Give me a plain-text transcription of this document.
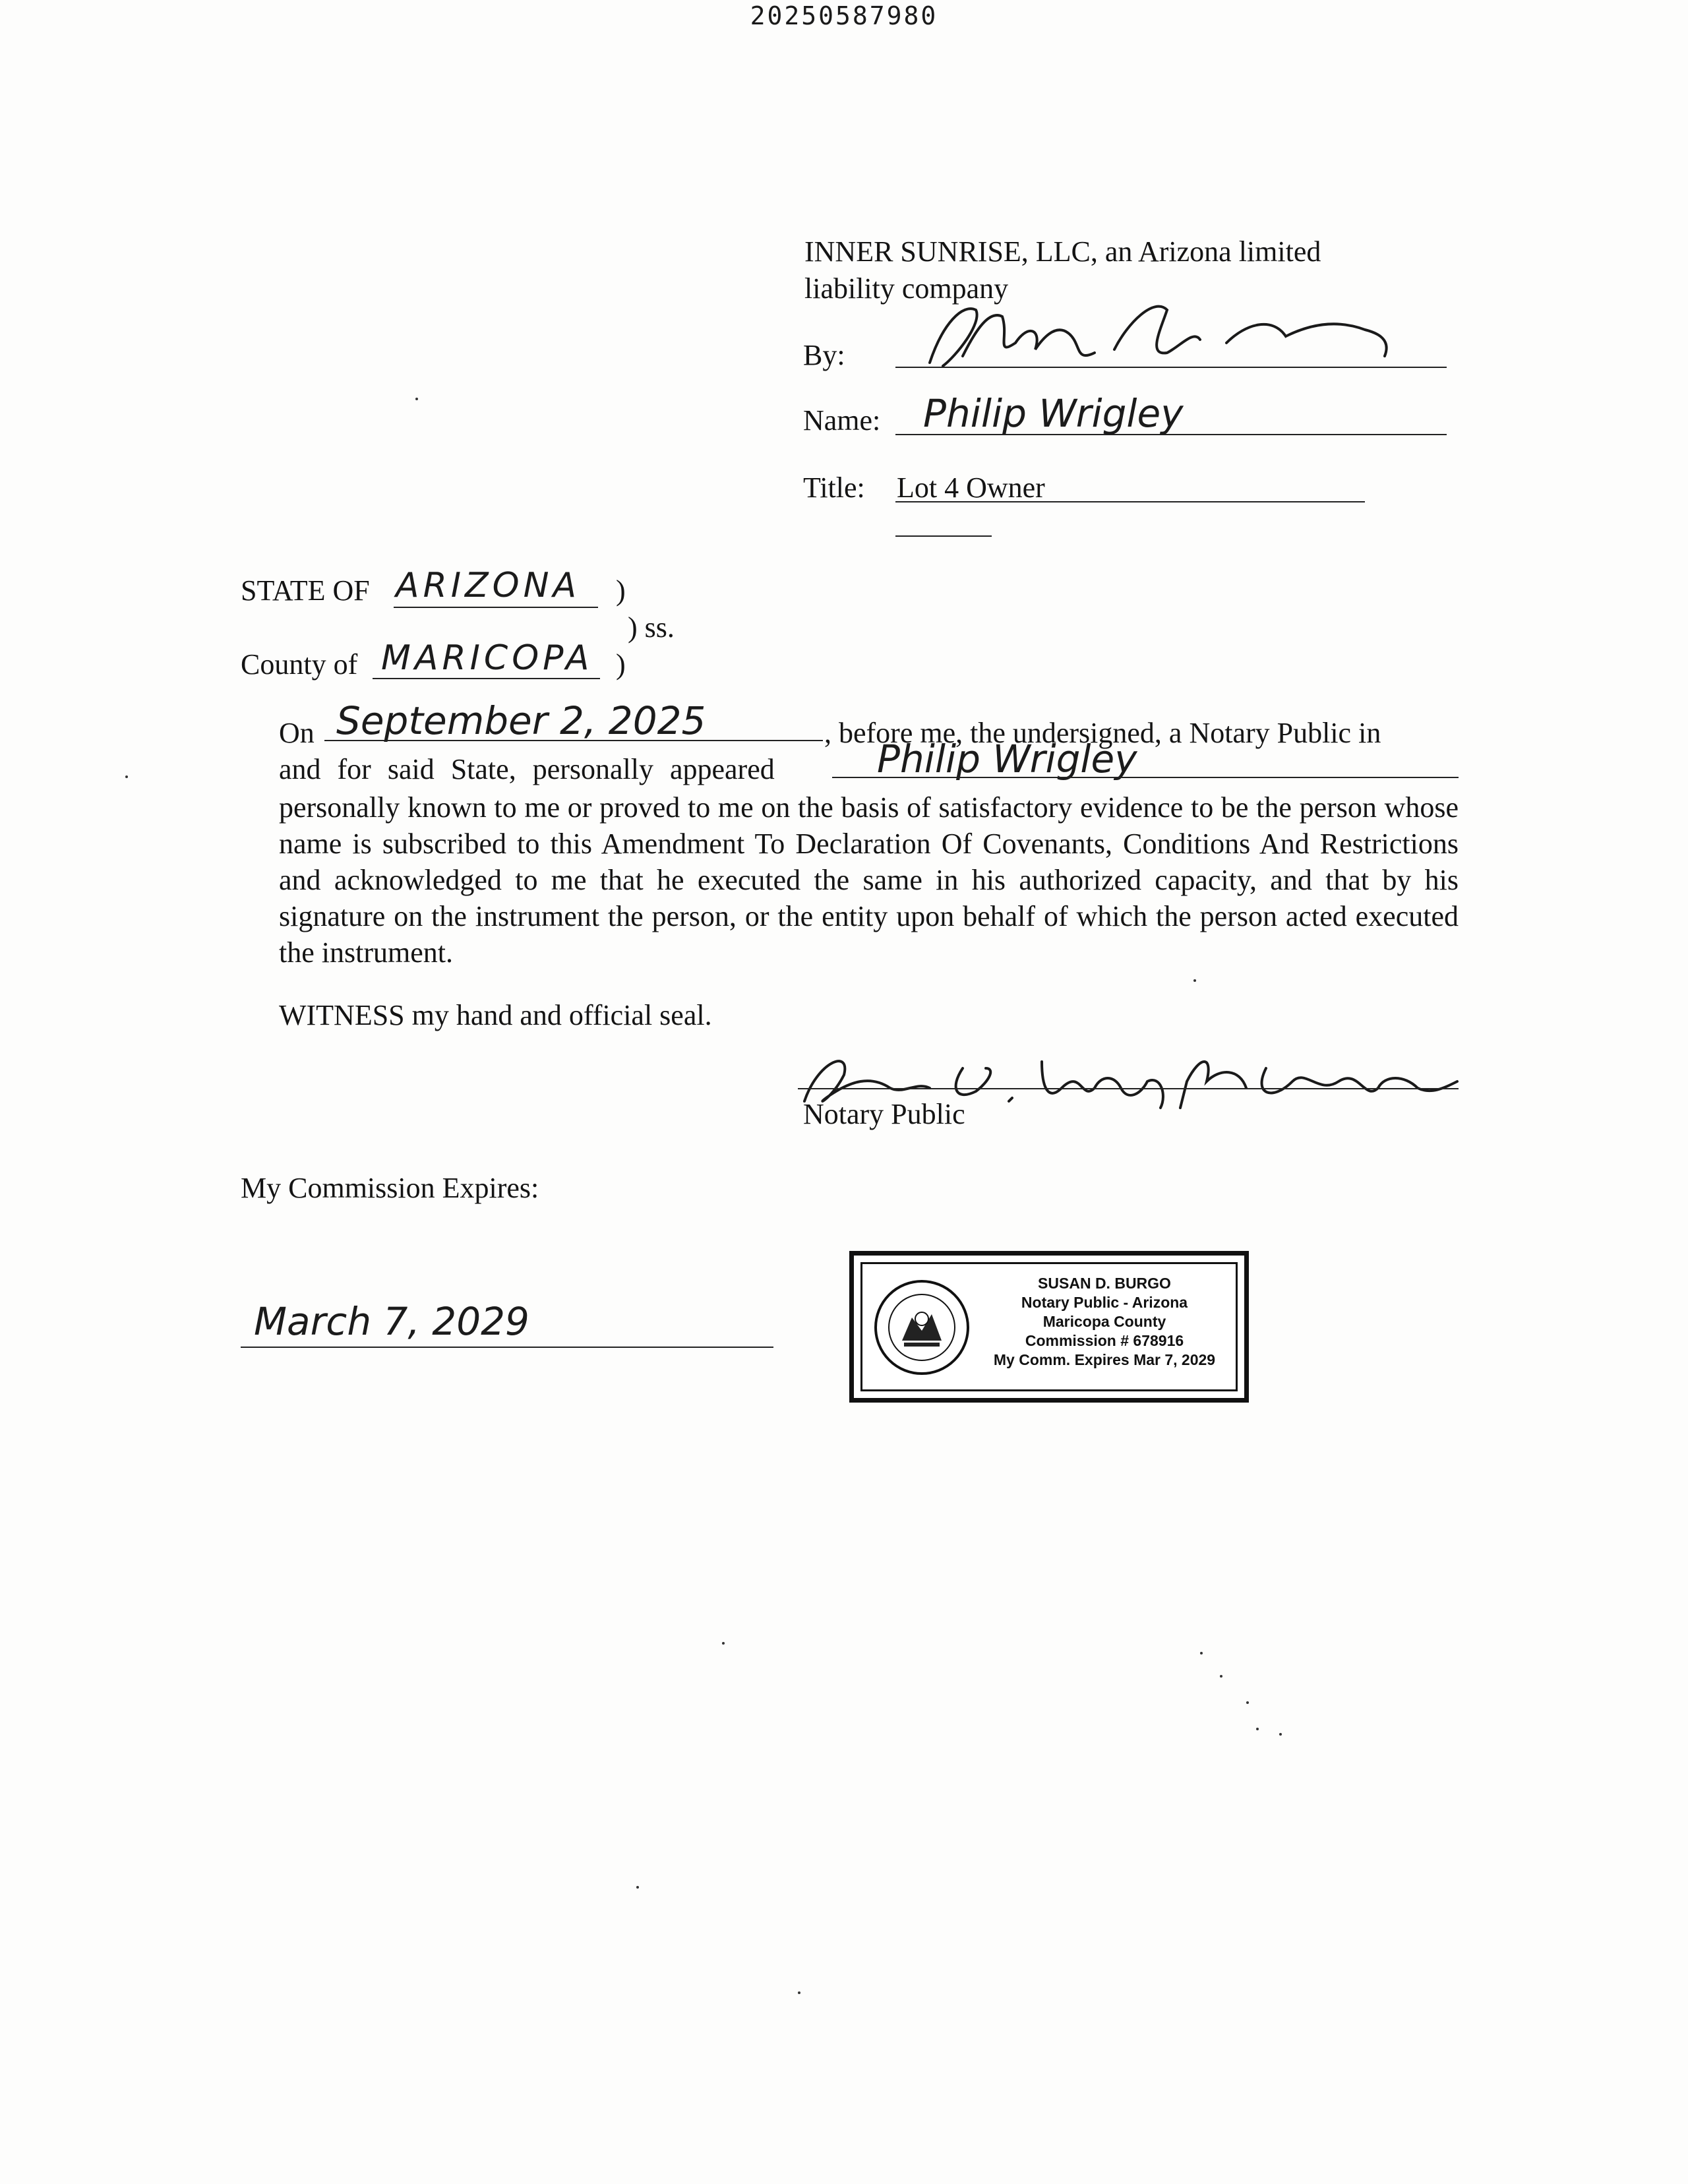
20250587980
INNER SUNRISE, LLC, an Arizona limited
liability company
By:
Name: Philip Wrigley
Title: Lot 4 Owner
STATE OF ARIZONA )
) ss.
County of MARICOPA )
September 2, 2025
Philip Wrigley
On	, before me, the undersigned, a Notary Public in
and for said State, personally appeared

personally known to me or proved to me on the basis of satisfactory evidence to be the person whose name is subscribed to this Amendment To Declaration Of Covenants, Conditions And Restrictions and acknowledged to me that he executed the same in his authorized capacity, and that by his signature on the instrument the person, or the entity upon behalf of which the person acted executed the instrument.

WITNESS my hand and official seal.
Notary Public
My Commission Expires:
March 7, 2029
SUSAN D. BURGO
Notary Public - Arizona
Maricopa County
Commission # 678916
My Comm. Expires Mar 7, 2029
